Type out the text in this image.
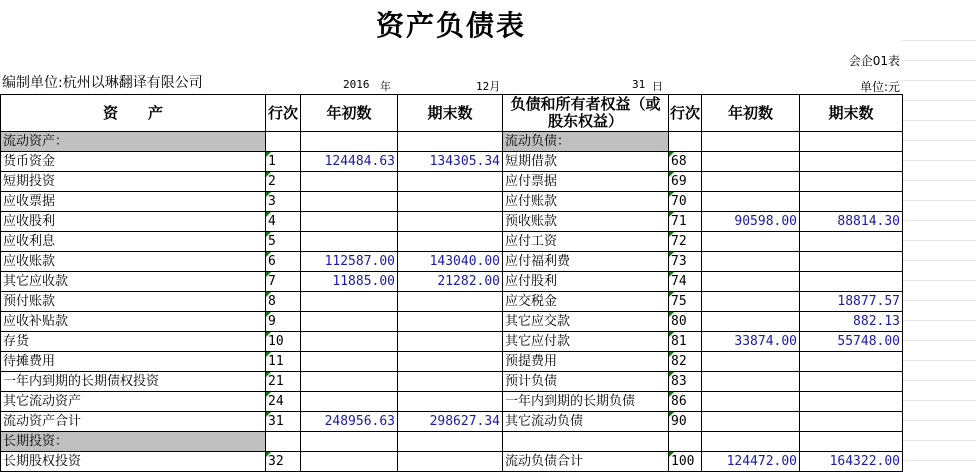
资产负债表
会企01表
编制单位:杭州以琳翻译有限公司	2016 年	12月	31 日	单位:元
资　　产	行次	年初数	期末数	负债和所有者权益（或股东权益）	行次	年初数	期末数
流动资产：				流动负债：			
货币资金	1	124484.63	134305.34	短期借款	68		
短期投资	2			应付票据	69		
应收票据	3			应付账款	70		
应收股利	4			预收账款	71	90598.00	88814.30
应收利息	5			应付工资	72		
应收账款	6	112587.00	143040.00	应付福利费	73		
其它应收款	7	11885.00	21282.00	应付股利	74		
预付账款	8			应交税金	75		18877.57
应收补贴款	9			其它应交款	80		882.13
存货	10			其它应付款	81	33874.00	55748.00
待摊费用	11			预提费用	82		
一年内到期的长期债权投资	21			预计负债	83		
其它流动资产	24			一年内到期的长期负债	86		
流动资产合计	31	248956.63	298627.34	其它流动负债	90		
长期投资：							
长期股权投资	32			流动负债合计	100	124472.00	164322.00
